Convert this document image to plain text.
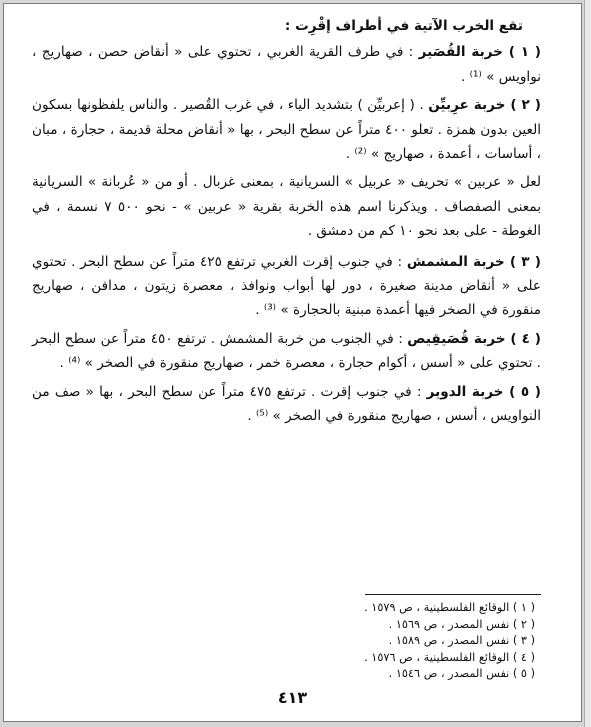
تقع الخرب الآتية في أطراف إقْرِت :
( ١ ) خربة القُصَير : في طرف القرية الغربي ، تحتوي على « أنقاض حصن ، صهاريج ، نواويس » ⁽¹⁾ .
( ٢ ) خربة عرِبيِّن . ( إعربيِّن ) بتشديد الياء ، في غرب القُصير . والناس يلفظونها بسكون العين بدون همزة . تعلو ٤٠٠ متراً عن سطح البحر ، بها « أنقاض محلة قديمة ، حجارة ، مبان ، أساسات ، أعمدة ، صهاريج » ⁽²⁾ .
لعل « عربين » تحريف « عربيل » السريانية ، بمعنى غربال . أو من « عُربانة » السريانية بمعنى الصفصاف . ويذكرنا اسم هذه الخربة بقرية « عربين » - نحو ٥٠٠ ٧ نسمة ، في الغوطة - على بعد نحو ١٠ كم من دمشق .
( ٣ ) خربة المشمش : في جنوب إقرت الغربي ترتفع ٤٢٥ متراً عن سطح البحر . تحتوي على « أنقاض مدينة صغيرة ، دور لها أبواب ونوافذ ، معصرة زيتون ، مدافن ، صهاريج منقورة في الصخر فيها أعمدة مبنية بالحجارة » ⁽³⁾ .
( ٤ ) خربة قُصَيقِيص : في الجنوب من خربة المشمش . ترتفع ٤٥٠ متراً عن سطح البحر . تحتوي على « أسس ، أكوام حجارة ، معصرة خمر ، صهاريج منقورة في الصخر » ⁽⁴⁾ .
( ٥ ) خربة الدوير : في جنوب إقرت . ترتفع ٤٧٥ متراً عن سطح البحر ، بها « صف من النواويس ، أسس ، صهاريج منقورة في الصخر » ⁽⁵⁾ .
( ١ ) الوقائع الفلسطينية ، ص ١٥٧٩ .
( ٢ ) نفس المصدر ، ص ١٥٦٩ .
( ٣ ) نفس المصدر ، ص ١٥٨٩ .
( ٤ ) الوقائع الفلسطينية ، ص ١٥٧٦ .
( ٥ ) نفس المصدر ، ص ١٥٤٦ .
٤١٣
